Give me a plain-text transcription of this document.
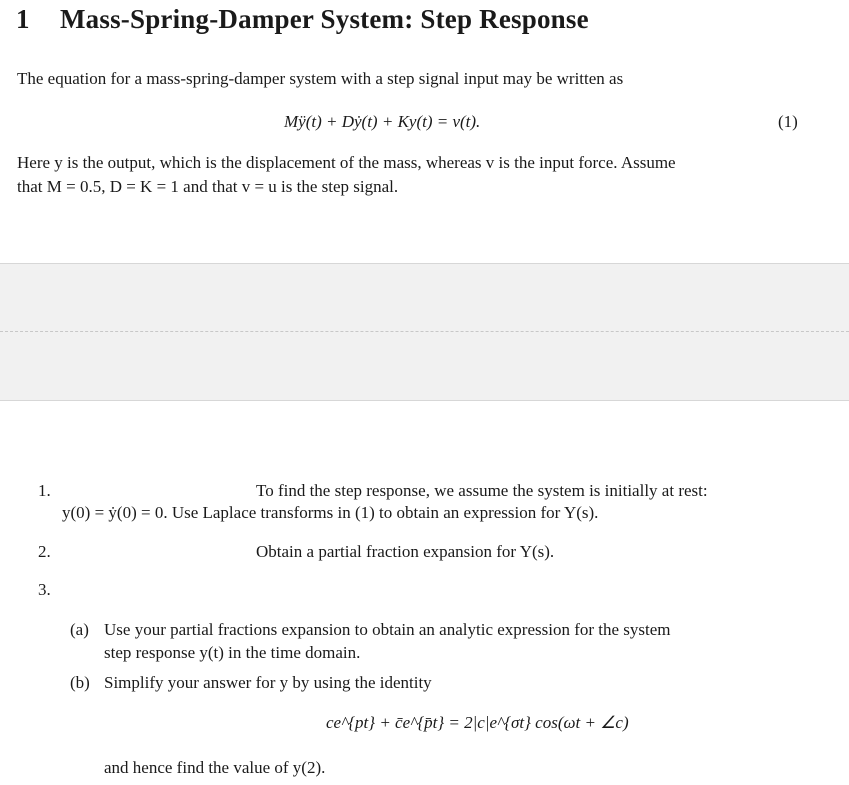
1 Mass-Spring-Damper System: Step Response
The equation for a mass-spring-damper system with a step signal input may be written as
Mÿ(t) + Dẏ(t) + Ky(t) = v(t).	(1)
Here y is the output, which is the displacement of the mass, whereas v is the input force. Assume
that M = 0.5, D = K = 1 and that v = u is the step signal.
1.	To find the step response, we assume the system is initially at rest:
y(0) = ẏ(0) = 0. Use Laplace transforms in (1) to obtain an expression for Y(s).
2.	Obtain a partial fraction expansion for Y(s).
3.
(a) Use your partial fractions expansion to obtain an analytic expression for the system
step response y(t) in the time domain.
(b) Simplify your answer for y by using the identity
ce^{pt} + c̄e^{p̄t} = 2|c|e^{σt} cos(ωt + ∠c)
and hence find the value of y(2).
